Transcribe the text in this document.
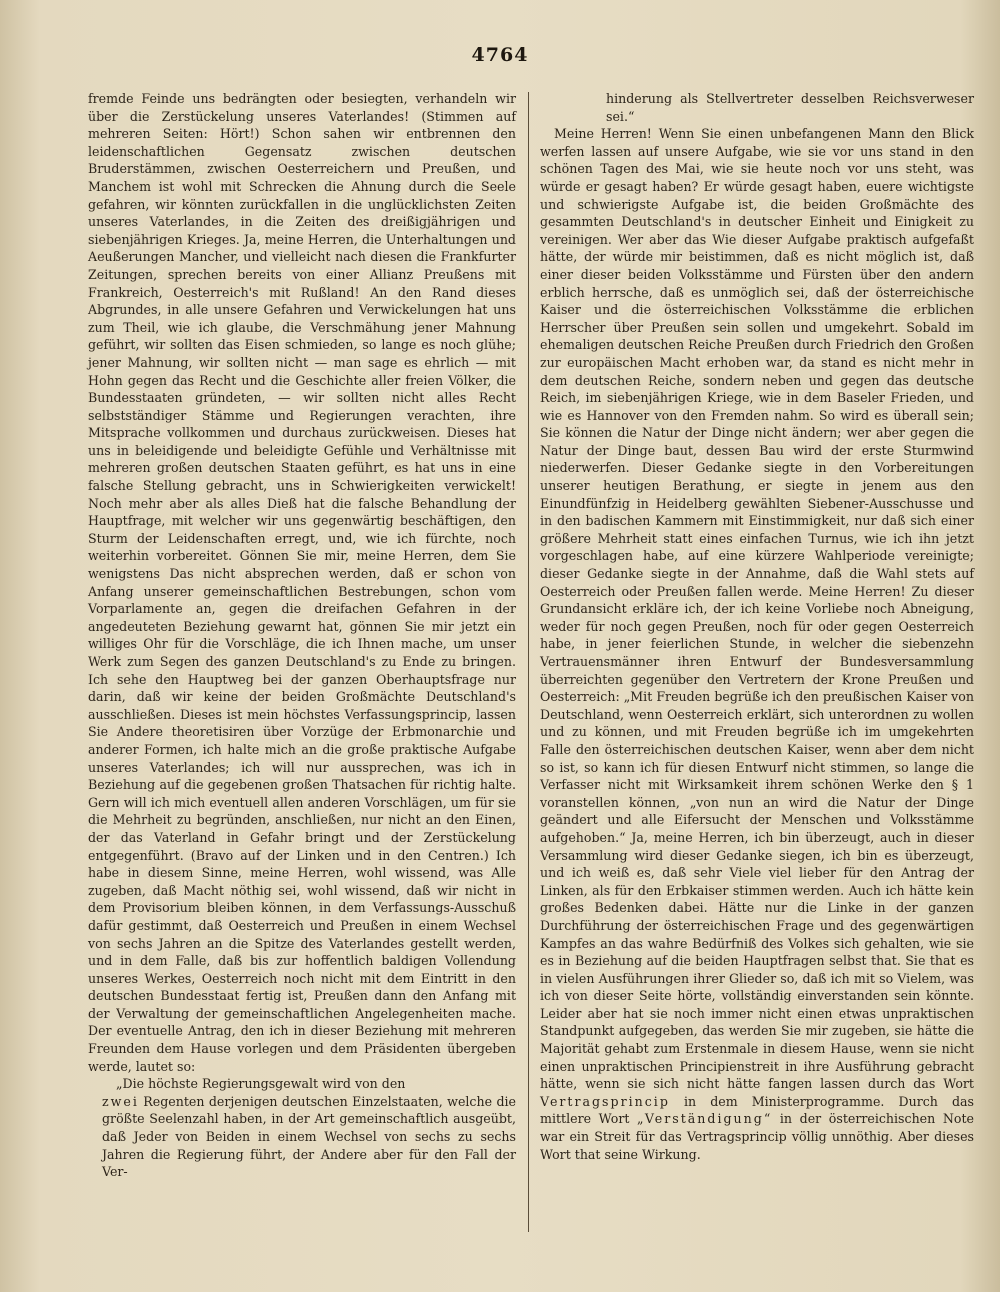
4764

fremde Feinde uns bedrängten oder besiegten, verhandeln wir über die Zerstückelung unseres Vaterlandes! (Stimmen auf mehreren Seiten: Hört!) Schon sahen wir entbrennen den leidenschaftlichen Gegensatz zwischen deutschen Bruderstämmen, zwischen Oesterreichern und Preußen, und Manchem ist wohl mit Schrecken die Ahnung durch die Seele gefahren, wir könnten zurückfallen in die unglücklichsten Zeiten unseres Vaterlandes, in die Zeiten des dreißigjährigen und siebenjährigen Krieges. Ja, meine Herren, die Unterhaltungen und Aeußerungen Mancher, und vielleicht nach diesen die Frankfurter Zeitungen, sprechen bereits von einer Allianz Preußens mit Frankreich, Oesterreich's mit Rußland! An den Rand dieses Abgrundes, in alle unsere Gefahren und Verwickelungen hat uns zum Theil, wie ich glaube, die Verschmähung jener Mahnung geführt, wir sollten das Eisen schmieden, so lange es noch glühe; jener Mahnung, wir sollten nicht — man sage es ehrlich — mit Hohn gegen das Recht und die Geschichte aller freien Völker, die Bundesstaaten gründeten, — wir sollten nicht alles Recht selbstständiger Stämme und Regierungen verachten, ihre Mitsprache vollkommen und durchaus zurückweisen. Dieses hat uns in beleidigende und beleidigte Gefühle und Verhältnisse mit mehreren großen deutschen Staaten geführt, es hat uns in eine falsche Stellung gebracht, uns in Schwierigkeiten verwickelt! Noch mehr aber als alles Dieß hat die falsche Behandlung der Hauptfrage, mit welcher wir uns gegenwärtig beschäftigen, den Sturm der Leidenschaften erregt, und, wie ich fürchte, noch weiterhin vorbereitet. Gönnen Sie mir, meine Herren, dem Sie wenigstens Das nicht absprechen werden, daß er schon von Anfang unserer gemeinschaftlichen Bestrebungen, schon vom Vorparlamente an, gegen die dreifachen Gefahren in der angedeuteten Beziehung gewarnt hat, gönnen Sie mir jetzt ein williges Ohr für die Vorschläge, die ich Ihnen mache, um unser Werk zum Segen des ganzen Deutschland's zu Ende zu bringen. Ich sehe den Hauptweg bei der ganzen Oberhauptsfrage nur darin, daß wir keine der beiden Großmächte Deutschland's ausschließen. Dieses ist mein höchstes Verfassungsprincip, lassen Sie Andere theoretisiren über Vorzüge der Erbmonarchie und anderer Formen, ich halte mich an die große praktische Aufgabe unseres Vaterlandes; ich will nur aussprechen, was ich in Beziehung auf die gegebenen großen Thatsachen für richtig halte. Gern will ich mich eventuell allen anderen Vorschlägen, um für sie die Mehrheit zu begründen, anschließen, nur nicht an den Einen, der das Vaterland in Gefahr bringt und der Zerstückelung entgegenführt. (Bravo auf der Linken und in den Centren.) Ich habe in diesem Sinne, meine Herren, wohl wissend, was Alle zugeben, daß Macht nöthig sei, wohl wissend, daß wir nicht in dem Provisorium bleiben können, in dem Verfassungs-Ausschuß dafür gestimmt, daß Oesterreich und Preußen in einem Wechsel von sechs Jahren an die Spitze des Vaterlandes gestellt werden, und in dem Falle, daß bis zur hoffentlich baldigen Vollendung unseres Werkes, Oesterreich noch nicht mit dem Eintritt in den deutschen Bundesstaat fertig ist, Preußen dann den Anfang mit der Verwaltung der gemeinschaftlichen Angelegenheiten mache. Der eventuelle Antrag, den ich in dieser Beziehung mit mehreren Freunden dem Hause vorlegen und dem Präsidenten übergeben werde, lautet so:

„Die höchste Regierungsgewalt wird von den
zwei Regenten derjenigen deutschen Einzelstaaten, welche die größte Seelenzahl haben, in der Art gemeinschaftlich ausgeübt, daß Jeder von Beiden in einem Wechsel von sechs zu sechs Jahren die Regierung führt, der Andere aber für den Fall der Ver-

hinderung als Stellvertreter desselben Reichsverweser sei.“

Meine Herren! Wenn Sie einen unbefangenen Mann den Blick werfen lassen auf unsere Aufgabe, wie sie vor uns stand in den schönen Tagen des Mai, wie sie heute noch vor uns steht, was würde er gesagt haben? Er würde gesagt haben, euere wichtigste und schwierigste Aufgabe ist, die beiden Großmächte des gesammten Deutschland's in deutscher Einheit und Einigkeit zu vereinigen. Wer aber das Wie dieser Aufgabe praktisch aufgefaßt hätte, der würde mir beistimmen, daß es nicht möglich ist, daß einer dieser beiden Volksstämme und Fürsten über den andern erblich herrsche, daß es unmöglich sei, daß der österreichische Kaiser und die österreichischen Volksstämme die erblichen Herrscher über Preußen sein sollen und umgekehrt. Sobald im ehemaligen deutschen Reiche Preußen durch Friedrich den Großen zur europäischen Macht erhoben war, da stand es nicht mehr in dem deutschen Reiche, sondern neben und gegen das deutsche Reich, im siebenjährigen Kriege, wie in dem Baseler Frieden, und wie es Hannover von den Fremden nahm. So wird es überall sein; Sie können die Natur der Dinge nicht ändern; wer aber gegen die Natur der Dinge baut, dessen Bau wird der erste Sturmwind niederwerfen. Dieser Gedanke siegte in den Vorbereitungen unserer heutigen Berathung, er siegte in jenem aus den Einundfünfzig in Heidelberg gewählten Siebener-Ausschusse und in den badischen Kammern mit Einstimmigkeit, nur daß sich einer größere Mehrheit statt eines einfachen Turnus, wie ich ihn jetzt vorgeschlagen habe, auf eine kürzere Wahlperiode vereinigte; dieser Gedanke siegte in der Annahme, daß die Wahl stets auf Oesterreich oder Preußen fallen werde. Meine Herren! Zu dieser Grundansicht erkläre ich, der ich keine Vorliebe noch Abneigung, weder für noch gegen Preußen, noch für oder gegen Oesterreich habe, in jener feierlichen Stunde, in welcher die siebenzehn Vertrauensmänner ihren Entwurf der Bundesversammlung überreichten gegenüber den Vertretern der Krone Preußen und Oesterreich: „Mit Freuden begrüße ich den preußischen Kaiser von Deutschland, wenn Oesterreich erklärt, sich unterordnen zu wollen und zu können, und mit Freuden begrüße ich im umgekehrten Falle den österreichischen deutschen Kaiser, wenn aber dem nicht so ist, so kann ich für diesen Entwurf nicht stimmen, so lange die Verfasser nicht mit Wirksamkeit ihrem schönen Werke den § 1 voranstellen können, „von nun an wird die Natur der Dinge geändert und alle Eifersucht der Menschen und Volksstämme aufgehoben.“ Ja, meine Herren, ich bin überzeugt, auch in dieser Versammlung wird dieser Gedanke siegen, ich bin es überzeugt, und ich weiß es, daß sehr Viele viel lieber für den Antrag der Linken, als für den Erbkaiser stimmen werden. Auch ich hätte kein großes Bedenken dabei. Hätte nur die Linke in der ganzen Durchführung der österreichischen Frage und des gegenwärtigen Kampfes an das wahre Bedürfniß des Volkes sich gehalten, wie sie es in Beziehung auf die beiden Hauptfragen selbst that. Sie that es in vielen Ausführungen ihrer Glieder so, daß ich mit so Vielem, was ich von dieser Seite hörte, vollständig einverstanden sein könnte. Leider aber hat sie noch immer nicht einen etwas unpraktischen Standpunkt aufgegeben, das werden Sie mir zugeben, sie hätte die Majorität gehabt zum Erstenmale in diesem Hause, wenn sie nicht einen unpraktischen Principienstreit in ihre Ausführung gebracht hätte, wenn sie sich nicht hätte fangen lassen durch das Wort Vertragsprincip in dem Ministerprogramme. Durch das mittlere Wort „Verständigung“ in der österreichischen Note war ein Streit für das Vertragsprincip völlig unnöthig. Aber dieses Wort that seine Wirkung.
